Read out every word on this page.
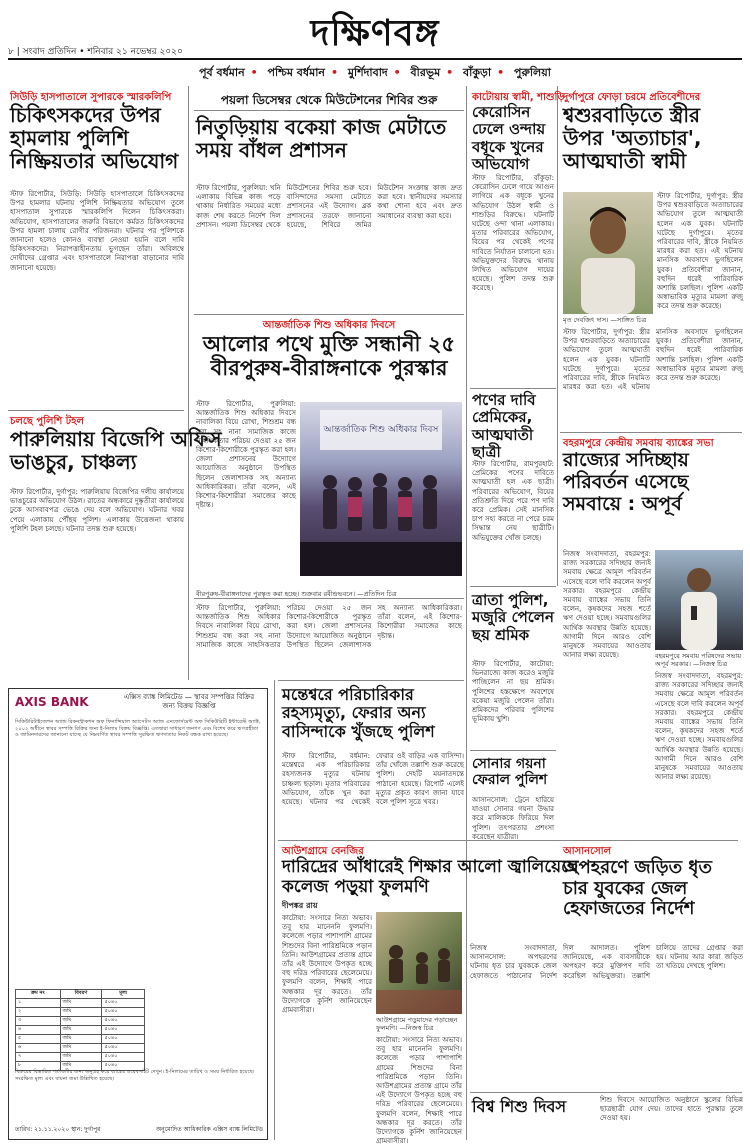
৮ | সংবাদ প্রতিদিন • শনিবার ২১ নভেম্বর ২০২০	দক্ষিণবঙ্গ
পূর্ব বর্ধমান • পশ্চিম বর্ধমান • মুর্শিদাবাদ • বীরভূম • বাঁকুড়া • পুরুলিয়া
সিউড়ি হাসপাতালে সুপারকে স্মারকলিপি
চিকিৎসকদের উপর হামলায় পুলিশি নিষ্ক্রিয়তার অভিযোগ
স্টাফ রিপোর্টার, সিউড়ি: সিউড়ি হাসপাতালে চিকিৎসকদের উপর হামলার ঘটনায় পুলিশি নিষ্ক্রিয়তার অভিযোগ তুলে হাসপাতাল সুপারকে স্মারকলিপি দিলেন চিকিৎসকরা। অভিযোগ, হাসপাতালের জরুরি বিভাগে কর্মরত চিকিৎসকদের উপর হামলা চালায় রোগীর পরিজনরা। ঘটনার পর পুলিশকে জানানো হলেও কোনও ব্যবস্থা নেওয়া হয়নি বলে দাবি চিকিৎসকদের। নিরাপত্তাহীনতায় ভুগছেন তাঁরা। অবিলম্বে দোষীদের গ্রেপ্তার এবং হাসপাতালে নিরাপত্তা বাড়ানোর দাবি জানানো হয়েছে।
চলছে পুলিশি টহল
পারুলিয়ায় বিজেপি অফিস ভাঙচুর, চাঞ্চল্য
স্টাফ রিপোর্টার, দুর্গাপুর: পারুলিয়ায় বিজেপির দলীয় কার্যালয়ে ভাঙচুরের অভিযোগ উঠল। রাতের অন্ধকারে দুষ্কৃতীরা কার্যালয়ে ঢুকে আসবাবপত্র ভেঙে দেয় বলে অভিযোগ। ঘটনার খবর পেয়ে এলাকায় পৌঁছয় পুলিশ। এলাকায় উত্তেজনা থাকায় পুলিশি টহল চলছে। ঘটনার তদন্ত শুরু হয়েছে।
AXIS BANK	এক্সিস ব্যাঙ্ক লিমিটেড — স্থাবর সম্পত্তির বিক্রির জন্য বিক্রয় বিজ্ঞপ্তি
সিকিউরিটাইজেশন অ্যান্ড রিকনস্ট্রাকশন অফ ফিনান্সিয়াল অ্যাসেটস অ্যান্ড এনফোর্সমেন্ট অফ সিকিউরিটি ইন্টারেস্ট অ্যাক্ট, ২০০২ অধীনে স্থাবর সম্পত্তি বিক্রির জন্য ই-নিলাম বিক্রয় বিজ্ঞপ্তি। এতদ্বারা সাধারণ জনগণ এবং বিশেষ করে ঋণগ্রহীতা ও জামিনদারদের জানানো যাচ্ছে যে নিম্নবর্ণিত স্থাবর সম্পত্তি সুরক্ষিত ঋণদাতার নিকট বন্ধক রাখা হয়েছে।
ক্রম নং	বিবরণ	মূল্য
১	জমি	৫০৪০
২	জমি	৫০৪০
৩	জমি	৫০৪০
৪	জমি	৫০৪০
৫	জমি	৫০৪০
৬	জমি	৫০৪০
৭	জমি	৫০৪০
৮	জমি	৫০৪০
বিক্রয়ের বিস্তারিত শর্তাবলীর জন্য অনুগ্রহ করে ব্যাঙ্কের ওয়েবসাইট দেখুন। ই-নিলামের তারিখ ও সময় নির্ধারিত হয়েছে। সংরক্ষিত মূল্য এবং বায়না জমা উল্লিখিত হয়েছে।
তারিখ: ২১.১১.২০২০ স্থান: দুর্গাপুর	অনুমোদিত আধিকারিক এক্সিস ব্যাঙ্ক লিমিটেড
পয়লা ডিসেম্বর থেকে মিউটেশনের শিবির শুরু
নিতুড়িয়ায় বকেয়া কাজ মেটাতে সময় বাঁধল প্রশাসন
স্টাফ রিপোর্টার, পুরুলিয়া: খনি এলাকায় বিভিন্ন কাজ পড়ে থাকায় নির্ধারিত সময়ের মধ্যে কাজ শেষ করতে নির্দেশ দিল প্রশাসন। পয়লা ডিসেম্বর থেকে মিউটেশনের শিবির শুরু হবে। বাসিন্দাদের সমস্যা মেটাতে প্রশাসনের এই উদ্যোগ। ব্লক প্রশাসনের তরফে জানানো হয়েছে, শিবিরে জমির মিউটেশন সংক্রান্ত কাজ দ্রুত করা হবে। স্থানীয়দের সমস্যার কথা শোনা হবে এবং দ্রুত সমাধানের ব্যবস্থা করা হবে।
আন্তর্জাতিক শিশু অধিকার দিবসে
আলোর পথে মুক্তি সন্ধানী ২৫ বীরপুরুষ-বীরাঙ্গনাকে পুরস্কার
স্টাফ রিপোর্টার, পুরুলিয়া: আন্তর্জাতিক শিশু অধিকার দিবসে নাবালিকা বিয়ে রোখা, শিশুশ্রম বন্ধ করা সহ নানা সামাজিক কাজে সাহসিকতার পরিচয় দেওয়া ২৫ জন কিশোর-কিশোরীকে পুরস্কৃত করা হল। জেলা প্রশাসনের উদ্যোগে আয়োজিত অনুষ্ঠানে উপস্থিত ছিলেন জেলাশাসক সহ অন্যান্য আধিকারিকরা। তাঁরা বলেন, এই কিশোর-কিশোরীরা সমাজের কাছে দৃষ্টান্ত।
আন্তর্জাতিক শিশু অধিকার দিবস
বীরপুরুষ-বীরাঙ্গনাদের পুরস্কৃত করা হচ্ছে। শুক্রবার রবীন্দ্রভবনে। —প্রতিদিন চিত্র
স্টাফ রিপোর্টার, পুরুলিয়া: আন্তর্জাতিক শিশু অধিকার দিবসে নাবালিকা বিয়ে রোখা, শিশুশ্রম বন্ধ করা সহ নানা সামাজিক কাজে সাহসিকতার পরিচয় দেওয়া ২৫ জন কিশোর-কিশোরীকে পুরস্কৃত করা হল। জেলা প্রশাসনের উদ্যোগে আয়োজিত অনুষ্ঠানে উপস্থিত ছিলেন জেলাশাসক সহ অন্যান্য আধিকারিকরা। তাঁরা বলেন, এই কিশোর-কিশোরীরা সমাজের কাছে দৃষ্টান্ত।
মন্তেশ্বরে পরিচারিকার রহস্যমৃত্যু, ফেরার অন্য বাসিন্দাকে খুঁজছে পুলিশ
স্টাফ রিপোর্টার, বর্ধমান: মন্তেশ্বরে এক পরিচারিকার রহস্যজনক মৃত্যুর ঘটনায় চাঞ্চল্য ছড়াল। মৃতার পরিবারের অভিযোগ, তাঁকে খুন করা হয়েছে। ঘটনার পর থেকেই ফেরার ওই বাড়ির এক বাসিন্দা। তাঁর খোঁজে তল্লাশি শুরু করেছে পুলিশ। দেহটি ময়নাতদন্তে পাঠানো হয়েছে। রিপোর্ট এলেই মৃত্যুর প্রকৃত কারণ জানা যাবে বলে পুলিশ সূত্রে খবর।
আউশগ্রামে বেনজির
দারিদ্রের আঁধারেই শিক্ষার আলো জ্বালিয়েছে কলেজ পড়ুয়া ফুলমণি
দীপঙ্কর রায়
কাটোয়া: সংসারে নিত্য অভাব। তবু হার মানেননি ফুলমণি। কলেজে পড়ার পাশাপাশি গ্রামের শিশুদের বিনা পারিশ্রমিকে পড়ান তিনি। আউশগ্রামের প্রত্যন্ত গ্রামে তাঁর এই উদ্যোগে উপকৃত হচ্ছে বহু দরিদ্র পরিবারের ছেলেমেয়ে। ফুলমণি বলেন, শিক্ষাই পারে অন্ধকার দূর করতে। তাঁর উদ্যোগকে কুর্নিশ জানিয়েছেন গ্রামবাসীরা।
আউশগ্রামে পড়ুয়াদের পড়াচ্ছেন ফুলমণি। —নিজস্ব চিত্র
কাটোয়া: সংসারে নিত্য অভাব। তবু হার মানেননি ফুলমণি। কলেজে পড়ার পাশাপাশি গ্রামের শিশুদের বিনা পারিশ্রমিকে পড়ান তিনি। আউশগ্রামের প্রত্যন্ত গ্রামে তাঁর এই উদ্যোগে উপকৃত হচ্ছে বহু দরিদ্র পরিবারের ছেলেমেয়ে। ফুলমণি বলেন, শিক্ষাই পারে অন্ধকার দূর করতে। তাঁর উদ্যোগকে কুর্নিশ জানিয়েছেন গ্রামবাসীরা।
কাটোয়ায় স্বামী, শাশুড়ি
কেরোসিন ঢেলে ওন্দায় বধূকে খুনের অভিযোগ
স্টাফ রিপোর্টার, বাঁকুড়া: কেরোসিন ঢেলে গায়ে আগুন লাগিয়ে এক বধূকে খুনের অভিযোগ উঠল স্বামী ও শাশুড়ির বিরুদ্ধে। ঘটনাটি ঘটেছে ওন্দা থানা এলাকায়। মৃতার পরিবারের অভিযোগ, বিয়ের পর থেকেই পণের দাবিতে নির্যাতন চালানো হত। অভিযুক্তদের বিরুদ্ধে থানায় লিখিত অভিযোগ দায়ের হয়েছে। পুলিশ তদন্ত শুরু করেছে।
পণের দাবি প্রেমিকের, আত্মঘাতী ছাত্রী
স্টাফ রিপোর্টার, রামপুরহাট: প্রেমিকের পণের দাবিতে আত্মঘাতী হল এক ছাত্রী। পরিবারের অভিযোগ, বিয়ের প্রতিশ্রুতি দিয়ে পরে পণ দাবি করে প্রেমিক। সেই মানসিক চাপ সহ্য করতে না পেরে চরম সিদ্ধান্ত নেয় ছাত্রীটি। অভিযুক্তের খোঁজ চলছে।
ত্রাতা পুলিশ, মজুরি পেলেন ছয় শ্রমিক
স্টাফ রিপোর্টার, কাটোয়া: ভিনরাজ্যে কাজ করেও মজুরি পাচ্ছিলেন না ছয় শ্রমিক। পুলিশের হস্তক্ষেপে অবশেষে বকেয়া মজুরি পেলেন তাঁরা। শ্রমিকদের পরিবার পুলিশের ভূমিকায় খুশি।
সোনার গয়না ফেরাল পুলিশ
আসানসোল: ট্রেনে হারিয়ে যাওয়া সোনার গয়না উদ্ধার করে মালিককে ফিরিয়ে দিল পুলিশ। তৎপরতার প্রশংসা করেছেন যাত্রীরা।
দুর্গাপুরে ফোড়া চরমে প্রতিবেশীদের
শ্বশুরবাড়িতে স্ত্রীর উপর 'অত্যাচার', আত্মঘাতী স্বামী
মৃত দেবজিৎ দাস। —সাঙ্গিত চিত্র
স্টাফ রিপোর্টার, দুর্গাপুর: স্ত্রীর উপর শ্বশুরবাড়িতে অত্যাচারের অভিযোগ তুলে আত্মঘাতী হলেন এক যুবক। ঘটনাটি ঘটেছে দুর্গাপুরে। মৃতের পরিবারের দাবি, স্ত্রীকে নিয়মিত মারধর করা হত। এই ঘটনায় মানসিক অবসাদে ভুগছিলেন যুবক। প্রতিবেশীরা জানান, বহুদিন ধরেই পারিবারিক অশান্তি চলছিল। পুলিশ একটি অস্বাভাবিক মৃত্যুর মামলা রুজু করে তদন্ত শুরু করেছে।
স্টাফ রিপোর্টার, দুর্গাপুর: স্ত্রীর উপর শ্বশুরবাড়িতে অত্যাচারের অভিযোগ তুলে আত্মঘাতী হলেন এক যুবক। ঘটনাটি ঘটেছে দুর্গাপুরে। মৃতের পরিবারের দাবি, স্ত্রীকে নিয়মিত মারধর করা হত। এই ঘটনায় মানসিক অবসাদে ভুগছিলেন যুবক। প্রতিবেশীরা জানান, বহুদিন ধরেই পারিবারিক অশান্তি চলছিল। পুলিশ একটি অস্বাভাবিক মৃত্যুর মামলা রুজু করে তদন্ত শুরু করেছে।
বহরমপুরে কেন্দ্রীয় সমবায় ব্যাঙ্কের সভা
রাজ্যের সদিচ্ছায় পরিবর্তন এসেছে সমবায়ে : অপূর্ব
নিজস্ব সংবাদদাতা, বহরমপুর: রাজ্য সরকারের সদিচ্ছার জন্যই সমবায় ক্ষেত্রে আমূল পরিবর্তন এসেছে বলে দাবি করলেন অপূর্ব সরকার। বহরমপুরে কেন্দ্রীয় সমবায় ব্যাঙ্কের সভায় তিনি বলেন, কৃষকদের সহজ শর্তে ঋণ দেওয়া হচ্ছে। সমবায়গুলির আর্থিক অবস্থার উন্নতি হয়েছে। আগামী দিনে আরও বেশি মানুষকে সমবায়ের আওতায় আনার লক্ষ্য রয়েছে।	বহরমপুরে সমবায় পরিষদের সভায় অপূর্ব সরকার। —নিজস্ব চিত্র
নিজস্ব সংবাদদাতা, বহরমপুর: রাজ্য সরকারের সদিচ্ছার জন্যই সমবায় ক্ষেত্রে আমূল পরিবর্তন এসেছে বলে দাবি করলেন অপূর্ব সরকার। বহরমপুরে কেন্দ্রীয় সমবায় ব্যাঙ্কের সভায় তিনি বলেন, কৃষকদের সহজ শর্তে ঋণ দেওয়া হচ্ছে। সমবায়গুলির আর্থিক অবস্থার উন্নতি হয়েছে। আগামী দিনে আরও বেশি মানুষকে সমবায়ের আওতায় আনার লক্ষ্য রয়েছে।
আসানসোল
অপহরণে জড়িত ধৃত চার যুবকের জেল হেফাজতের নির্দেশ
নিজস্ব সংবাদদাতা, আসানসোল: অপহরণের ঘটনায় ধৃত চার যুবককে জেল হেফাজতে পাঠানোর নির্দেশ দিল আদালত। পুলিশ জানিয়েছে, এক ব্যবসায়ীকে অপহরণ করে মুক্তিপণ দাবি করেছিল অভিযুক্তরা। তল্লাশি চালিয়ে তাদের গ্রেপ্তার করা হয়। ঘটনায় আর কারা জড়িত তা খতিয়ে দেখছে পুলিশ।
বিশ্ব শিশু দিবস	শিশু দিবসে আয়োজিত অনুষ্ঠানে স্কুলের বিভিন্ন ছাত্রছাত্রী যোগ দেয়। তাদের হাতে পুরস্কার তুলে দেওয়া হয়।
